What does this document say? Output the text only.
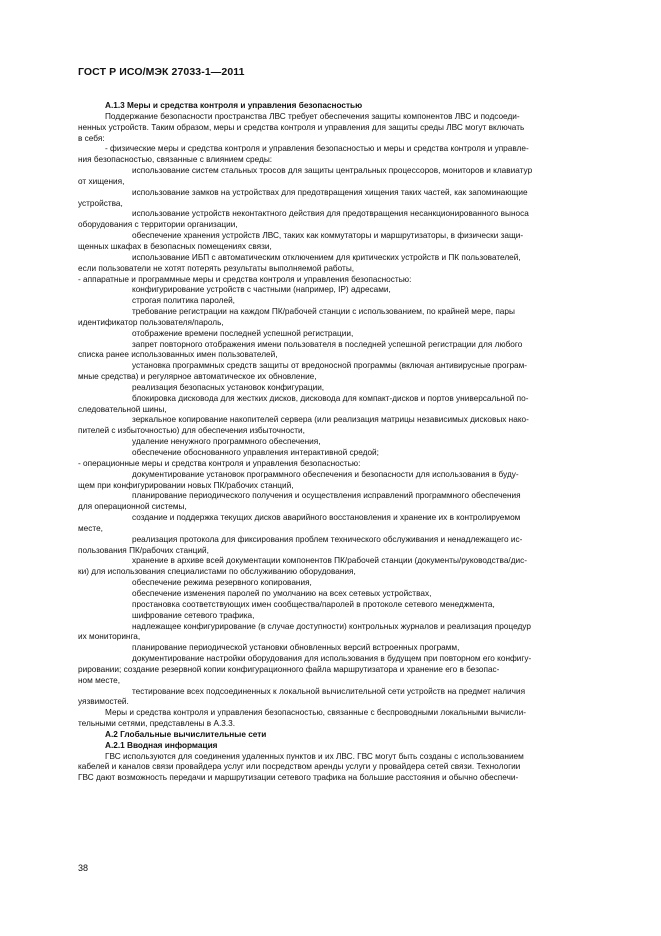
ГОСТ Р ИСО/МЭК 27033-1—2011

A.1.3 Меры и средства контроля и управления безопасностью

Поддержание безопасности пространства ЛВС требует обеспечения защиты компонентов ЛВС и подсоеди-

ненных устройств. Таким образом, меры и средства контроля и управления для защиты среды ЛВС могут включать

в себя:

- физические меры и средства контроля и управления безопасностью и меры и средства контроля и управле-

ния безопасностью, связанные с влиянием среды:

использование систем стальных тросов для защиты центральных процессоров, мониторов и клавиатур

от хищения,

использование замков на устройствах для предотвращения хищения таких частей, как запоминающие

устройства,

использование устройств неконтактного действия для предотвращения несанкционированного выноса

оборудования с территории организации,

обеспечение хранения устройств ЛВС, таких как коммутаторы и маршрутизаторы, в физически защи-

щенных шкафах в безопасных помещениях связи,

использование ИБП с автоматическим отключением для критических устройств и ПК пользователей,

если пользователи не хотят потерять результаты выполняемой работы,

- аппаратные и программные меры и средства контроля и управления безопасностью:

конфигурирование устройств с частными (например, IP) адресами,

строгая политика паролей,

требование регистрации на каждом ПК/рабочей станции с использованием, по крайней мере, пары

идентификатор пользователя/пароль,

отображение времени последней успешной регистрации,

запрет повторного отображения имени пользователя в последней успешной регистрации для любого

списка ранее использованных имен пользователей,

установка программных средств защиты от вредоносной программы (включая антивирусные програм-

мные средства) и регулярное автоматическое их обновление,

реализация безопасных установок конфигурации,

блокировка дисковода для жестких дисков, дисковода для компакт-дисков и портов универсальной по-

следовательной шины,

зеркальное копирование накопителей сервера (или реализация матрицы независимых дисковых нако-

пителей с избыточностью) для обеспечения избыточности,

удаление ненужного программного обеспечения,

обеспечение обоснованного управления интерактивной средой;

- операционные меры и средства контроля и управления безопасностью:

документирование установок программного обеспечения и безопасности для использования в буду-

щем при конфигурировании новых ПК/рабочих станций,

планирование периодического получения и осуществления исправлений программного обеспечения

для операционной системы,

создание и поддержка текущих дисков аварийного восстановления и хранение их в контролируемом

месте,

реализация протокола для фиксирования проблем технического обслуживания и ненадлежащего ис-

пользования ПК/рабочих станций,

хранение в архиве всей документации компонентов ПК/рабочей станции (документы/руководства/дис-

ки) для использования специалистами по обслуживанию оборудования,

обеспечение режима резервного копирования,

обеспечение изменения паролей по умолчанию на всех сетевых устройствах,

простановка соответствующих имен сообщества/паролей в протоколе сетевого менеджмента,

шифрование сетевого трафика,

надлежащее конфигурирование (в случае доступности) контрольных журналов и реализация процедур

их мониторинга,

планирование периодической установки обновленных версий встроенных программ,

документирование настройки оборудования для использования в будущем при повторном его конфигу-

рировании; создание резервной копии конфигурационного файла маршрутизатора и хранение его в безопас-

ном месте,

тестирование всех подсоединенных к локальной вычислительной сети устройств на предмет наличия

уязвимостей.

Меры и средства контроля и управления безопасностью, связанные с беспроводными локальными вычисли-

тельными сетями, представлены в А.3.3.

А.2 Глобальные вычислительные сети

А.2.1 Вводная информация

ГВС используются для соединения удаленных пунктов и их ЛВС. ГВС могут быть созданы с использованием

кабелей и каналов связи провайдера услуг или посредством аренды услуги у провайдера сетей связи. Технологии

ГВС дают возможность передачи и маршрутизации сетевого трафика на большие расстояния и обычно обеспечи-

38
